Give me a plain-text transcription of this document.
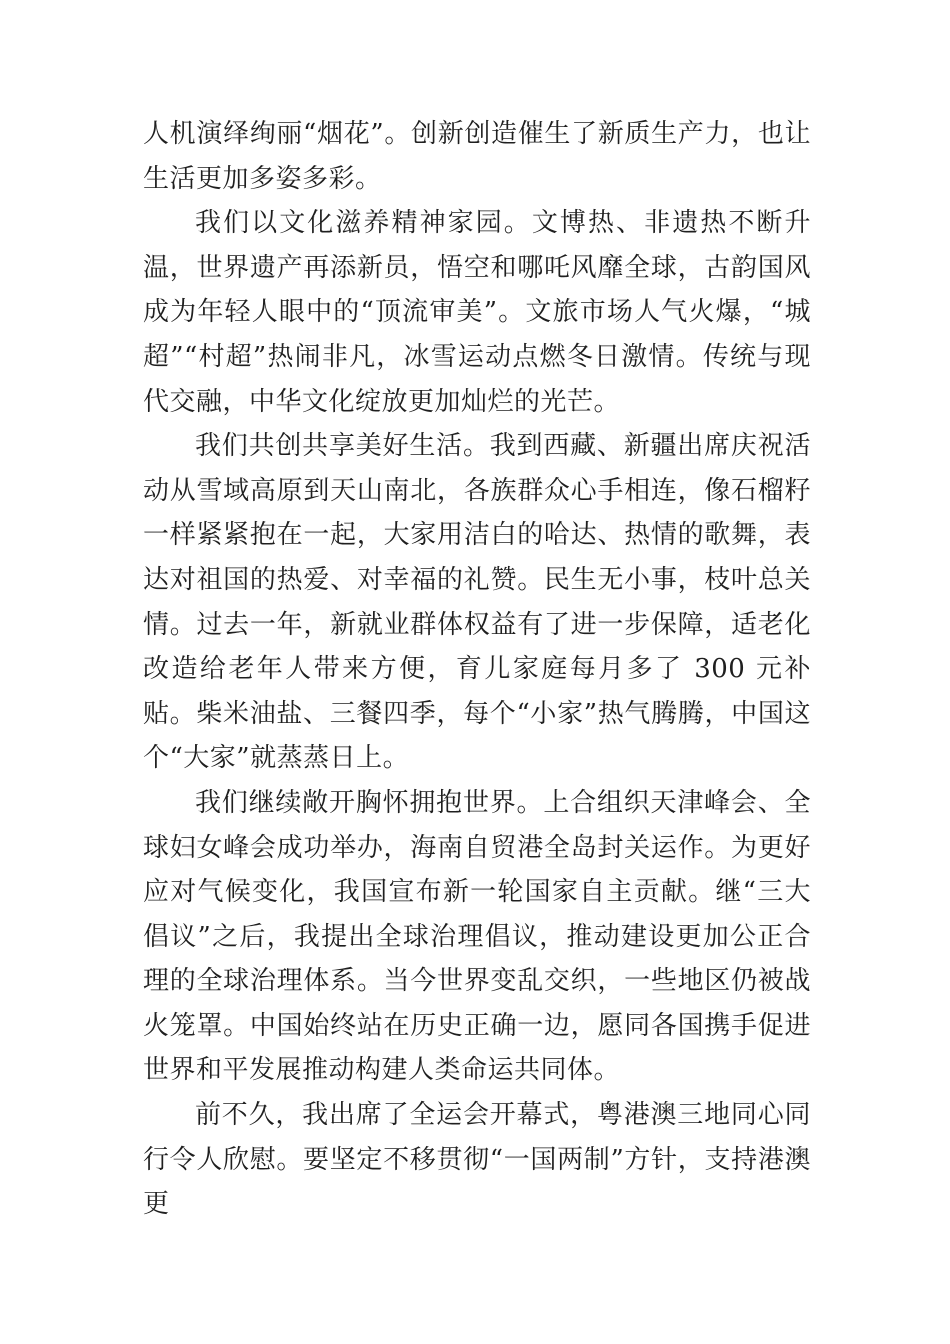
人机演绎绚丽“烟花”。创新创造催生了新质生产力，也让生活更加多姿多彩。

我们以文化滋养精神家园。文博热、非遗热不断升温，世界遗产再添新员，悟空和哪吒风靡全球，古韵国风成为年轻人眼中的“顶流审美”。文旅市场人气火爆，“城超”“村超”热闹非凡，冰雪运动点燃冬日激情。传统与现代交融，中华文化绽放更加灿烂的光芒。

我们共创共享美好生活。我到西藏、新疆出席庆祝活动从雪域高原到天山南北，各族群众心手相连，像石榴籽一样紧紧抱在一起，大家用洁白的哈达、热情的歌舞，表达对祖国的热爱、对幸福的礼赞。民生无小事，枝叶总关情。过去一年，新就业群体权益有了进一步保障，适老化改造给老年人带来方便，育儿家庭每月多了 300 元补贴。柴米油盐、三餐四季，每个“小家”热气腾腾，中国这个“大家”就蒸蒸日上。

我们继续敞开胸怀拥抱世界。上合组织天津峰会、全球妇女峰会成功举办，海南自贸港全岛封关运作。为更好应对气候变化，我国宣布新一轮国家自主贡献。继“三大倡议”之后，我提出全球治理倡议，推动建设更加公正合理的全球治理体系。当今世界变乱交织，一些地区仍被战火笼罩。中国始终站在历史正确一边，愿同各国携手促进世界和平发展推动构建人类命运共同体。

前不久，我出席了全运会开幕式，粤港澳三地同心同行令人欣慰。要坚定不移贯彻“一国两制”方针，支持港澳更
